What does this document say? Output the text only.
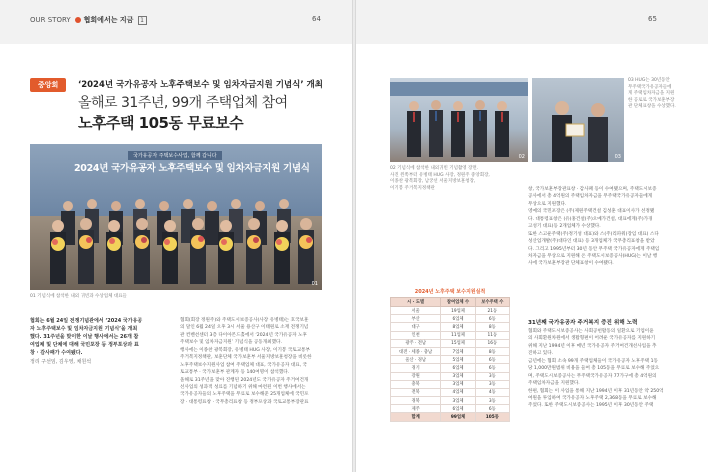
OUR STORY 협회에서는 지금 1	64
중앙회	‘2024년 국가유공자 노후주택보수 및 임차자금지원 기념식’ 개최
올해로 31주년, 99개 주택업체 참여
노후주택 105동 무료보수
국가유공자 주택보수사업, 함께 갑니다
2024년 국가유공자 노후주택보수 및 임차자금지원 기념식
01
01 기념식에 참석한 내외 귀빈과 수상업체 대표들
협회는 6월 24일 전쟁기념관에서 ‘2024 국가유공
자 노후주택보수 및 임차자금지원 기념식’을 개최
했다. 31주년을 맞이한 이날 행사에서는 26개 참
여업체 및 단체에 대해 국민포장 등 정부포상과 표
창 · 감사패가 수여됐다.
정리 구선임, 김우영, 채원석
협회(회장 정원주)와 주택도시보증공사(사장 유병태)는 호국보훈
의 달인 6월 24일 오후 3시 서울 용산구 이태원로 소재 전쟁기념
관 컨벤션센터 3층 다이아몬드홀에서 ‘2024년 국가유공자 노후
주택보수 및 임차자금지원’ 기념식을 공동개최했다.
행사에는 이종찬 광복회장, 유병태 HUG 사장, 이기봉 국토교통부
주거복지정책관, 보훈단체 국가보훈부 서울지방보훈청장을 비롯한
노후주택보수지원사업 참여 주택업체 대표, 국가유공자 대표, 국
토교통부 · 국가보훈부 관계자 등 140여명이 참석했다.
올해로 31주년을 맞아 진행된 2024년도 국가유공자 주거여건개
선사업의 성과적 성료를 기념하기 위해 마련된 이번 행사에서는
국가유공자들의 노후주택을 무료로 보수해준 25개업체에 국민포
장 · 대통령표창 · 국무총리표창 등 정부포상과 국토교통부장관표
65
02
02 기념식에 참석한 내외귀빈 기념촬영 장면.
사진 왼쪽부터 유병태 HUG 사장, 정원주 중앙회장,
이종찬 광복회장, 남궁선 서울지방보훈청장,
이기봉 주거복지정책관
03
03 HUG는 30년동안
무주택국가유공자들에
게 주택임차자금을 지원
한 공로로 국가보훈부장
관 단체표창을 수상했다.
창, 국가보훈부장관표창 · 감사패 등이 수여됐으며, 주택도시보증
공사에서 총 4억원의 주택임차자금을 무주택국가유공자들에게
무상으로 지원했다.
영예의 국민포장은 (주)제원주택건설 김성훈 대표이사가 선정됐
다. 대통령표창은 (유)홍건설(주)오메가건설, 대표에게(주)가경
고성기 대표)등 2개업체가 수상했다.
또한 스고운주택(주)정기성 대표)와 스(주)리파워(장임 대표) 스다
성산업개발(주)대다인 대표) 등 3개업체가 국무총리표창을 받았
다. 그리고 1995년부터 30년 동안 무주택 국가유공자에게 주택임
차자금을 무상으로 지원해 온 주택도시보증공사(HUG)는 이날 행
사에 국가보훈부장관 단체표창이 수여됐다.
31년째 국가유공자 주거복지 증진 위해 노력
협회와 주택도시보증공사는 사회공헌활동의 일환으로 기업이윤
의 사회환원차원에서 생활형편이 어려운 국가유공자를 지원하기
위해 지난 1994년 이후 매년 국가유공자 주거여건개선사업을 추
진하고 있다.
금년에는 협회 소속 99개 주택업체들이 국가유공자 노후주택 1동
당 1,000만원범위 비용을 들여 총 105동을 무료로 보수해 주었으
며, 주택도시보증공사는 무주택국가유공자 77가구에 총 4억원의
주택임차자금을 지원했다.
한편, 협회는 이 사업을 통해 지난 1994년 이후 31년동안 약 250억
여원을 투입하여 국가유공자 노후주택 2,368동을 무료로 보수해
주었다. 또한 주택도시보증공사는 1995년 이후 30년동안 주택
2024년 노후주택 보수지원실적
시 · 도별	참여업체 수	보수주택 수
서울	19업체	21동
부산	6업체	6동
대구	8업체	8동
인천	11업체	11동
광주 · 전남	15업체	16동
대전 · 세종 · 충남	7업체	8동
울산 · 경남	5업체	6동
경기	6업체	6동
강원	3업체	3동
충북	3업체	3동
전북	4업체	4동
경북	3업체	3동
제주	6업체	6동
합계	99업체	105동
